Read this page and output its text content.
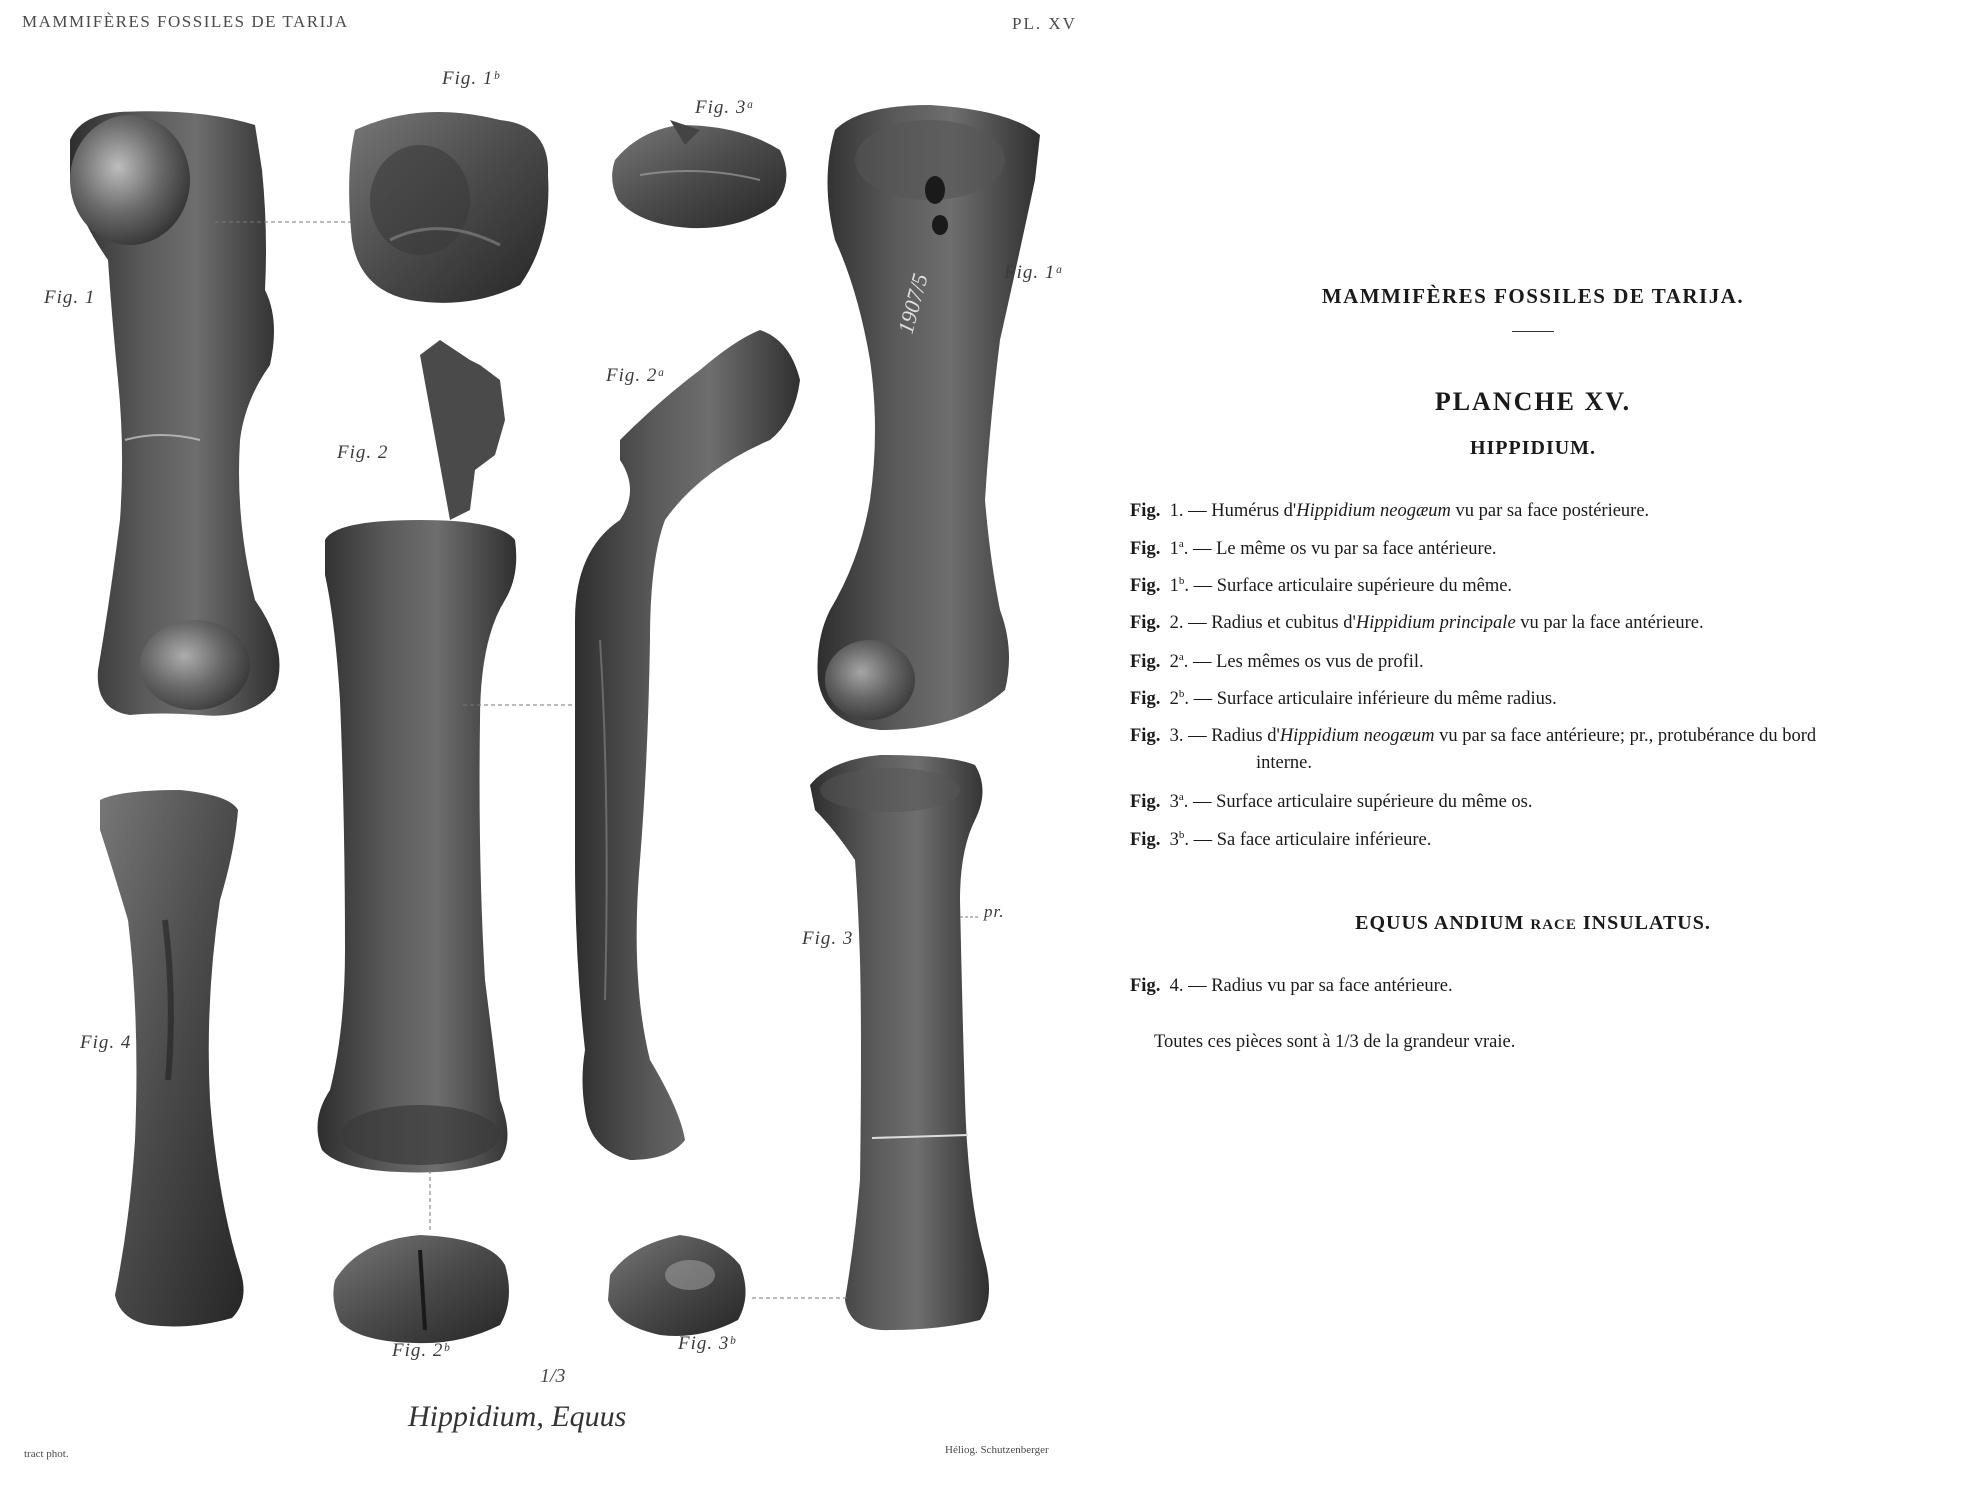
MAMMIFÈRES FOSSILES DE TARIJA	PL. XV
1907/5
Fig. 1
Fig. 1ᵇ
Fig. 3ᵃ
Fig. 1ᵃ
Fig. 2ᵃ
Fig. 2
Fig. 3
pr.
Fig. 4
Fig. 2ᵇ	Fig. 3ᵇ
1/3
Hippidium, Equus
tract phot.	Héliog. Schutzenberger
MAMMIFÈRES FOSSILES DE TARIJA.
PLANCHE XV.
HIPPIDIUM.
Fig. 1. — Humérus d'Hippidium neogæum vu par sa face postérieure.
Fig. 1$^a$. — Le même os vu par sa face antérieure.
Fig. 1$^b$. — Surface articulaire supérieure du même.
Fig. 2. — Radius et cubitus d'Hippidium principale vu par la face antérieure.
Fig. 2$^a$. — Les mêmes os vus de profil.
Fig. 2$^b$. — Surface articulaire inférieure du même radius.
Fig. 3. — Radius d'Hippidium neogæum vu par sa face antérieure; pr., protubérance du bord
interne.
Fig. 3$^a$. — Surface articulaire supérieure du même os.
Fig. 3$^b$. — Sa face articulaire inférieure.
EQUUS ANDIUM RACE INSULATUS.
Fig. 4. — Radius vu par sa face antérieure.
Toutes ces pièces sont à 1/3 de la grandeur vraie.
